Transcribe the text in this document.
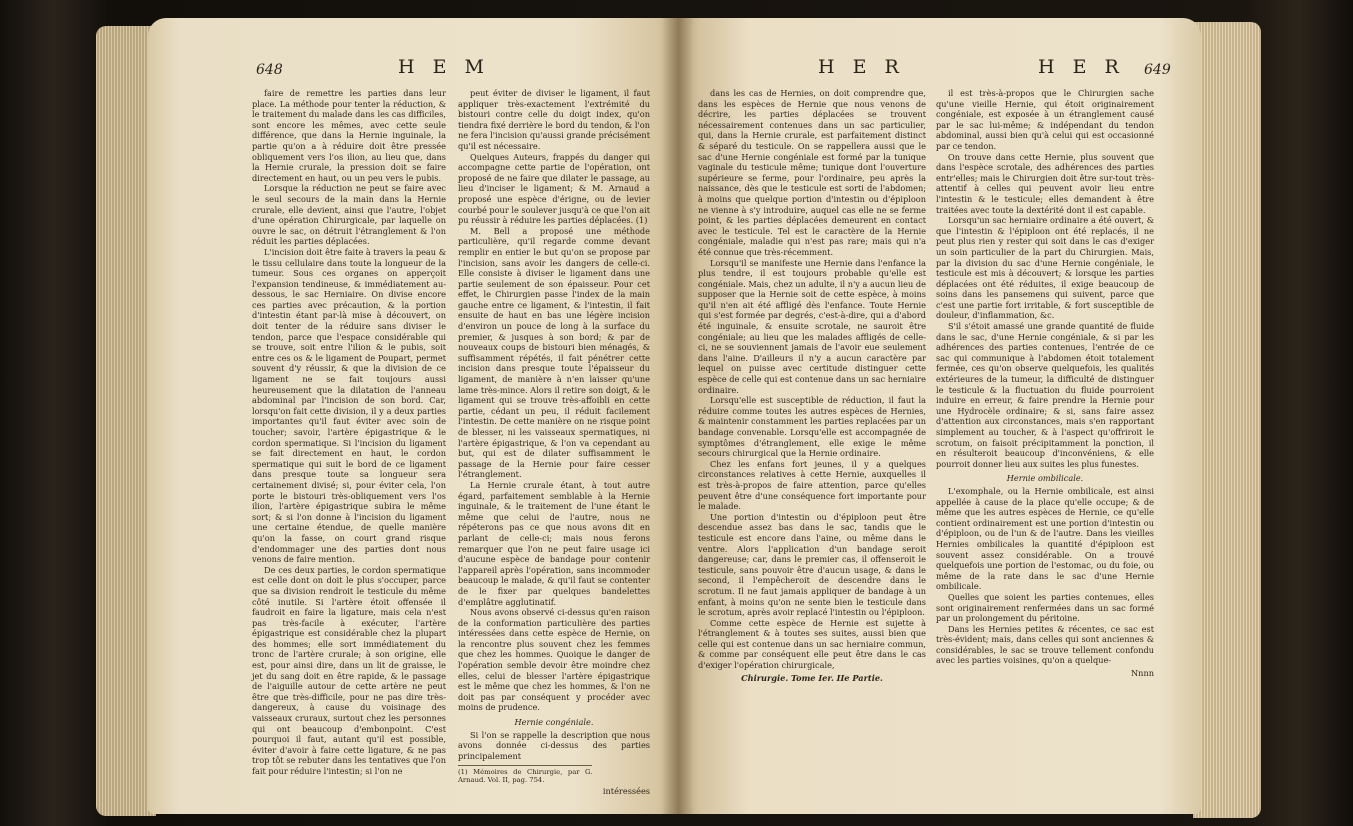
648	H E M

faire de remettre les parties dans leur place. La méthode pour tenter la réduction, & le traitement du malade dans les cas difficiles, sont encore les mêmes, avec cette seule différence, que dans la Hernie inguinale, la partie qu'on a à réduire doit être pressée obliquement vers l'os ilion, au lieu que, dans la Hernie crurale, la pression doit se faire directement en haut, ou un peu vers le pubis.

Lorsque la réduction ne peut se faire avec le seul secours de la main dans la Hernie crurale, elle devient, ainsi que l'autre, l'objet d'une opération Chirurgicale, par laquelle on ouvre le sac, on détruit l'étranglement & l'on réduit les parties déplacées.

L'incision doit être faite à travers la peau & le tissu cellulaire dans toute la longueur de la tumeur. Sous ces organes on apperçoit l'expansion tendineuse, & immédiatement au-dessous, le sac Herniaire. On divise encore ces parties avec précaution, & la portion d'intestin étant par-là mise à découvert, on doit tenter de la réduire sans diviser le tendon, parce que l'espace considérable qui se trouve, soit entre l'ilion & le pubis, soit entre ces os & le ligament de Poupart, permet souvent d'y réussir, & que la division de ce ligament ne se fait toujours aussi heureusement que la dilatation de l'anneau abdominal par l'incision de son bord. Car, lorsqu'on fait cette division, il y a deux parties importantes qu'il faut éviter avec soin de toucher; savoir, l'artère épigastrique & le cordon spermatique. Si l'incision du ligament se fait directement en haut, le cordon spermatique qui suit le bord de ce ligament dans presque toute sa longueur sera certainement divisé; si, pour éviter cela, l'on porte le bistouri très-obliquement vers l'os ilion, l'artère épigastrique subira le même sort; & si l'on donne à l'incision du ligament une certaine étendue, de quelle manière qu'on la fasse, on court grand risque d'endommager une des parties dont nous venons de faire mention.

De ces deux parties, le cordon spermatique est celle dont on doit le plus s'occuper, parce que sa division rendroit le testicule du même côté inutile. Si l'artère étoit offensée il faudroit en faire la ligature, mais cela n'est pas très-facile à exécuter, l'artère épigastrique est considérable chez la plupart des hommes; elle sort immédiatement du tronc de l'artère crurale; à son origine, elle est, pour ainsi dire, dans un lit de graisse, le jet du sang doit en être rapide, & le passage de l'aiguille autour de cette artère ne peut être que très-difficile, pour ne pas dire très-dangereux, à cause du voisinage des vaisseaux cruraux, surtout chez les personnes qui ont beaucoup d'embonpoint. C'est pourquoi il faut, autant qu'il est possible, éviter d'avoir à faire cette ligature, & ne pas trop tôt se rebuter dans les tentatives que l'on fait pour réduire l'intestin; si l'on ne

peut éviter de diviser le ligament, il faut appliquer très-exactement l'extrémité du bistouri contre celle du doigt index, qu'on tiendra fixé derrière le bord du tendon, & l'on ne fera l'incision qu'aussi grande précisément qu'il est nécessaire.

Quelques Auteurs, frappés du danger qui accompagne cette partie de l'opération, ont proposé de ne faire que dilater le passage, au lieu d'inciser le ligament; & M. Arnaud a proposé une espèce d'érigne, ou de levier courbé pour le soulever jusqu'à ce que l'on ait pu réussir à réduire les parties déplacées. (1)

M. Bell a proposé une méthode particulière, qu'il regarde comme devant remplir en entier le but qu'on se propose par l'incision, sans avoir les dangers de celle-ci. Elle consiste à diviser le ligament dans une partie seulement de son épaisseur. Pour cet effet, le Chirurgien passe l'index de la main gauche entre ce ligament, & l'intestin, il fait ensuite de haut en bas une légère incision d'environ un pouce de long à la surface du premier, & jusques à son bord; & par de nouveaux coups de bistouri bien ménagés, & suffisamment répétés, il fait pénétrer cette incision dans presque toute l'épaisseur du ligament, de manière à n'en laisser qu'une lame très-mince. Alors il retire son doigt, & le ligament qui se trouve très-affoibli en cette partie, cédant un peu, il réduit facilement l'intestin. De cette manière on ne risque point de blesser, ni les vaisseaux spermatiques, ni l'artère épigastrique, & l'on va cependant au but, qui est de dilater suffisamment le passage de la Hernie pour faire cesser l'étranglement.

La Hernie crurale étant, à tout autre égard, parfaitement semblable à la Hernie inguinale, & le traitement de l'une étant le même que celui de l'autre, nous ne répéterons pas ce que nous avons dit en parlant de celle-ci; mais nous ferons remarquer que l'on ne peut faire usage ici d'aucune espèce de bandage pour contenir l'appareil après l'opération, sans incommoder beaucoup le malade, & qu'il faut se contenter de le fixer par quelques bandelettes d'emplâtre agglutinatif.

Nous avons observé ci-dessus qu'en raison de la conformation particulière des parties intéressées dans cette espèce de Hernie, on la rencontre plus souvent chez les femmes que chez les hommes. Quoique le danger de l'opération semble devoir être moindre chez elles, celui de blesser l'artère épigastrique est le même que chez les hommes, & l'on ne doit pas par conséquent y procéder avec moins de prudence.

Hernie congéniale.

Si l'on se rappelle la description que nous avons donnée ci-dessus des parties principalement

(1) Mémoires de Chirurgie, par G. Arnaud. Vol. II, pag. 754.

intéressées

H E R	H E R 649

dans les cas de Hernies, on doit comprendre que, dans les espèces de Hernie que nous venons de décrire, les parties déplacées se trouvent nécessairement contenues dans un sac particulier, qui, dans la Hernie crurale, est parfaitement distinct & séparé du testicule. On se rappellera aussi que le sac d'une Hernie congéniale est formé par la tunique vaginale du testicule même; tunique dont l'ouverture supérieure se ferme, pour l'ordinaire, peu après la naissance, dès que le testicule est sorti de l'abdomen; à moins que quelque portion d'intestin ou d'épiploon ne vienne à s'y introduire, auquel cas elle ne se ferme point, & les parties déplacées demeurent en contact avec le testicule. Tel est le caractère de la Hernie congéniale, maladie qui n'est pas rare; mais qui n'a été connue que très-récemment.

Lorsqu'il se manifeste une Hernie dans l'enfance la plus tendre, il est toujours probable qu'elle est congéniale. Mais, chez un adulte, il n'y a aucun lieu de supposer que la Hernie soit de cette espèce, à moins qu'il n'en ait été affligé dès l'enfance. Toute Hernie qui s'est formée par degrés, c'est-à-dire, qui a d'abord été inguinale, & ensuite scrotale, ne sauroit être congéniale; au lieu que les malades affligés de celle-ci, ne se souviennent jamais de l'avoir eue seulement dans l'aine. D'ailleurs il n'y a aucun caractère par lequel on puisse avec certitude distinguer cette espèce de celle qui est contenue dans un sac herniaire ordinaire.

Lorsqu'elle est susceptible de réduction, il faut la réduire comme toutes les autres espèces de Hernies, & maintenir constamment les parties replacées par un bandage convenable. Lorsqu'elle est accompagnée de symptômes d'étranglement, elle exige le même secours chirurgical que la Hernie ordinaire.

Chez les enfans fort jeunes, il y a quelques circonstances relatives à cette Hernie, auxquelles il est très-à-propos de faire attention, parce qu'elles peuvent être d'une conséquence fort importante pour le malade.

Une portion d'intestin ou d'épiploon peut être descendue assez bas dans le sac, tandis que le testicule est encore dans l'aine, ou même dans le ventre. Alors l'application d'un bandage seroit dangereuse; car, dans le premier cas, il offenseroit le testicule, sans pouvoir être d'aucun usage, & dans le second, il l'empêcheroit de descendre dans le scrotum. Il ne faut jamais appliquer de bandage à un enfant, à moins qu'on ne sente bien le testicule dans le scrotum, après avoir replacé l'intestin ou l'épiploon.

Comme cette espèce de Hernie est sujette à l'étranglement & à toutes ses suites, aussi bien que celle qui est contenue dans un sac herniaire commun, & comme par conséquent elle peut être dans le cas d'exiger l'opération chirurgicale,

Chirurgie. Tome Ier. IIe Partie.

il est très-à-propos que le Chirurgien sache qu'une vieille Hernie, qui étoit originairement congéniale, est exposée à un étranglement causé par le sac lui-même; & indépendant du tendon abdominal, aussi bien qu'à celui qui est occasionné par ce tendon.

On trouve dans cette Hernie, plus souvent que dans l'espèce scrotale, des adhérences des parties entr'elles; mais le Chirurgien doit être sur-tout très-attentif à celles qui peuvent avoir lieu entre l'intestin & le testicule; elles demandent à être traitées avec toute la dextérité dont il est capable.

Lorsqu'un sac herniaire ordinaire a été ouvert, & que l'intestin & l'épiploon ont été replacés, il ne peut plus rien y rester qui soit dans le cas d'exiger un soin particulier de la part du Chirurgien. Mais, par la division du sac d'une Hernie congéniale, le testicule est mis à découvert; & lorsque les parties déplacées ont été réduites, il exige beaucoup de soins dans les pansemens qui suivent, parce que c'est une partie fort irritable, & fort susceptible de douleur, d'inflammation, &c.

S'il s'étoit amassé une grande quantité de fluide dans le sac, d'une Hernie congéniale, & si par les adhérences des parties contenues, l'entrée de ce sac qui communique à l'abdomen étoit totalement fermée, ces qu'on observe quelquefois, les qualités extérieures de la tumeur, la difficulté de distinguer le testicule & la fluctuation du fluide pourroient induire en erreur, & faire prendre la Hernie pour une Hydrocèle ordinaire; & si, sans faire assez d'attention aux circonstances, mais s'en rapportant simplement au toucher, & à l'aspect qu'offriroit le scrotum, on faisoit précipitamment la ponction, il en résulteroit beaucoup d'inconvéniens, & elle pourroit donner lieu aux suites les plus funestes.

Hernie ombilicale.

L'exomphale, ou la Hernie ombilicale, est ainsi appellée à cause de la place qu'elle occupe; & de même que les autres espèces de Hernie, ce qu'elle contient ordinairement est une portion d'intestin ou d'épiploon, ou de l'un & de l'autre. Dans les vieilles Hernies ombilicales la quantité d'épiploon est souvent assez considérable. On a trouvé quelquefois une portion de l'estomac, ou du foie, ou même de la rate dans le sac d'une Hernie ombilicale.

Quelles que soient les parties contenues, elles sont originairement renfermées dans un sac formé par un prolongement du péritoine.

Dans les Hernies petites & récentes, ce sac est très-évident; mais, dans celles qui sont anciennes & considérables, le sac se trouve tellement confondu avec les parties voisines, qu'on a quelque-

Nnnn
